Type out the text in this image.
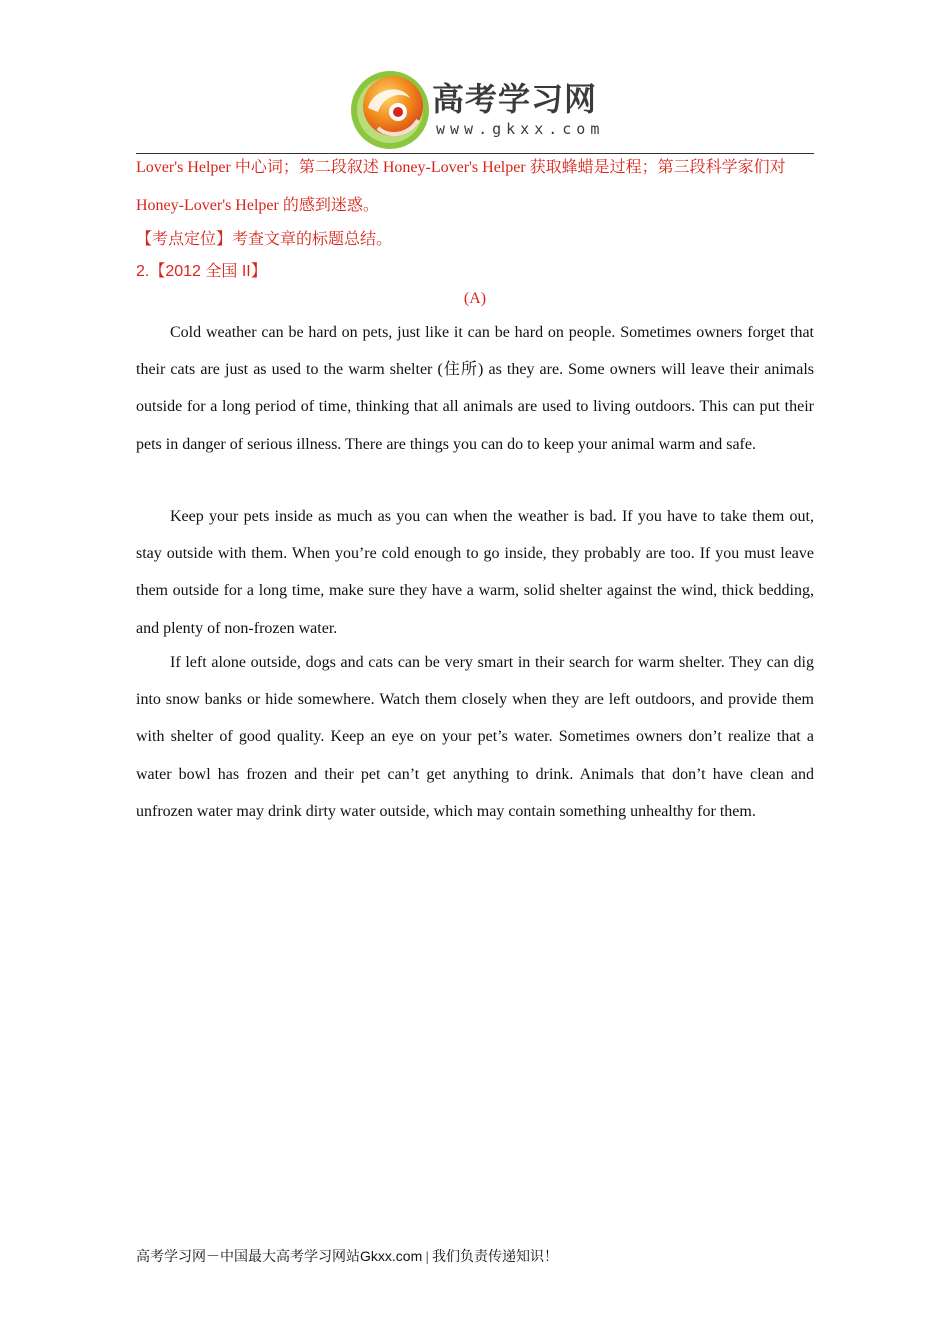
高考学习网
www.gkxx.com
Lover's Helper 中心词；第二段叙述 Honey-Lover's Helper 获取蜂蜡是过程；第三段科学家们对
Honey-Lover's Helper 的感到迷惑。
【考点定位】考查文章的标题总结。
2.【2012 全国 II】
(A)

Cold weather can be hard on pets, just like it can be hard on people. Sometimes owners forget that their cats are just as used to the warm shelter (住所) as they are. Some owners will leave their animals outside for a long period of time, thinking that all animals are used to living outdoors. This can put their pets in danger of serious illness. There are things you can do to keep your animal warm and safe.

Keep your pets inside as much as you can when the weather is bad. If you have to take them out, stay outside with them. When you’re cold enough to go inside, they probably are too. If you must leave them outside for a long time, make sure they have a warm, solid shelter against the wind, thick bedding, and plenty of non-frozen water.

If left alone outside, dogs and cats can be very smart in their search for warm shelter. They can dig into snow banks or hide somewhere. Watch them closely when they are left outdoors, and provide them with shelter of good quality. Keep an eye on your pet’s water. Sometimes owners don’t realize that a water bowl has frozen and their pet can’t get anything to drink. Animals that don’t have clean and unfrozen water may drink dirty water outside, which may contain something unhealthy for them.

高考学习网－中国最大高考学习网站Gkxx.com | 我们负责传递知识！
